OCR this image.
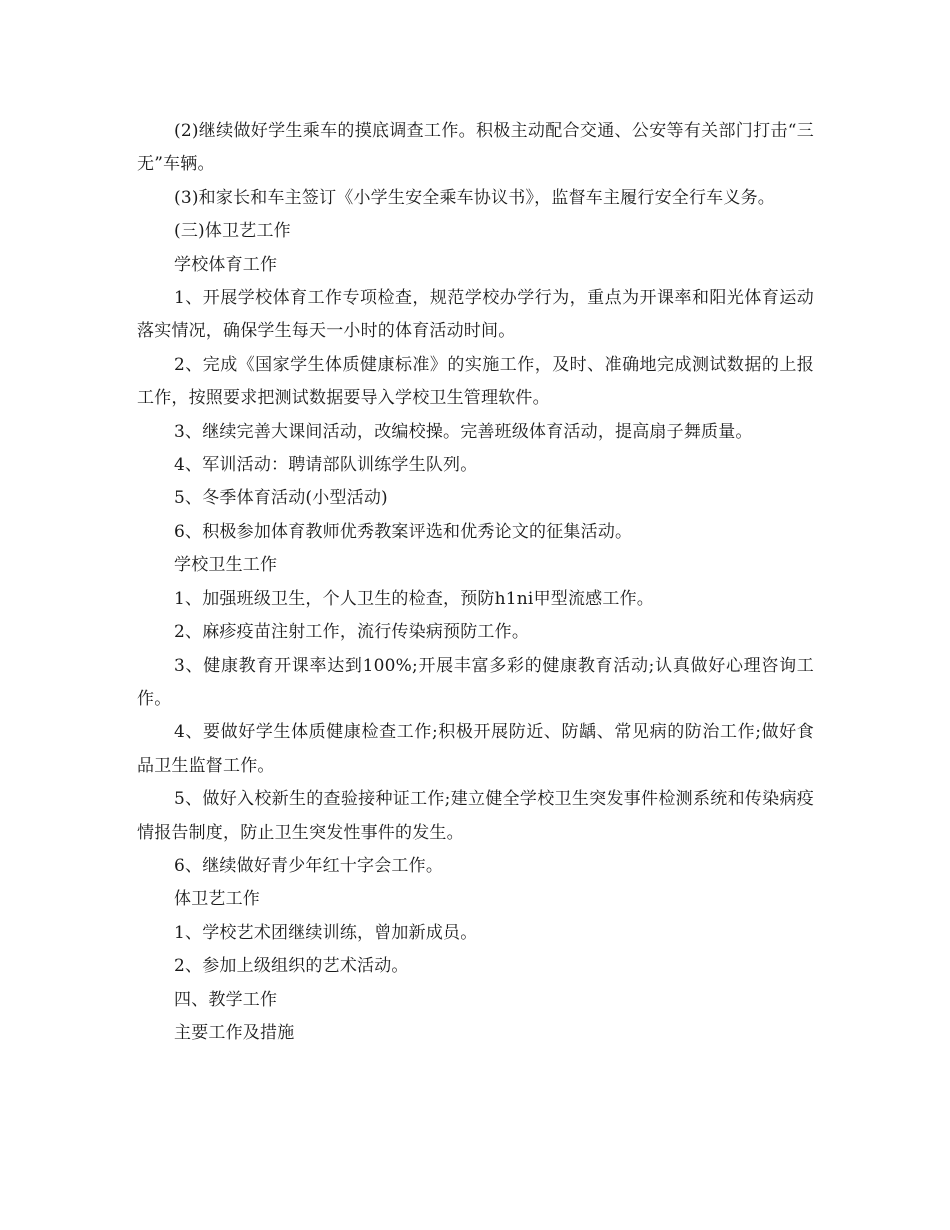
(2)继续做好学生乘车的摸底调查工作。积极主动配合交通、公安等有关部门打击“三无”车辆。

(3)和家长和车主签订《小学生安全乘车协议书》，监督车主履行安全行车义务。

(三)体卫艺工作

学校体育工作

1、开展学校体育工作专项检查，规范学校办学行为，重点为开课率和阳光体育运动落实情况，确保学生每天一小时的体育活动时间。

2、完成《国家学生体质健康标准》的实施工作，及时、准确地完成测试数据的上报工作，按照要求把测试数据要导入学校卫生管理软件。

3、继续完善大课间活动，改编校操。完善班级体育活动，提高扇子舞质量。

4、军训活动：聘请部队训练学生队列。

5、冬季体育活动(小型活动)

6、积极参加体育教师优秀教案评选和优秀论文的征集活动。

学校卫生工作

1、加强班级卫生，个人卫生的检查，预防h1ni甲型流感工作。

2、麻疹疫苗注射工作，流行传染病预防工作。

3、健康教育开课率达到100%;开展丰富多彩的健康教育活动;认真做好心理咨询工作。

4、要做好学生体质健康检查工作;积极开展防近、防龋、常见病的防治工作;做好食品卫生监督工作。

5、做好入校新生的查验接种证工作;建立健全学校卫生突发事件检测系统和传染病疫情报告制度，防止卫生突发性事件的发生。

6、继续做好青少年红十字会工作。

体卫艺工作

1、学校艺术团继续训练，曾加新成员。

2、参加上级组织的艺术活动。

四、教学工作

主要工作及措施
